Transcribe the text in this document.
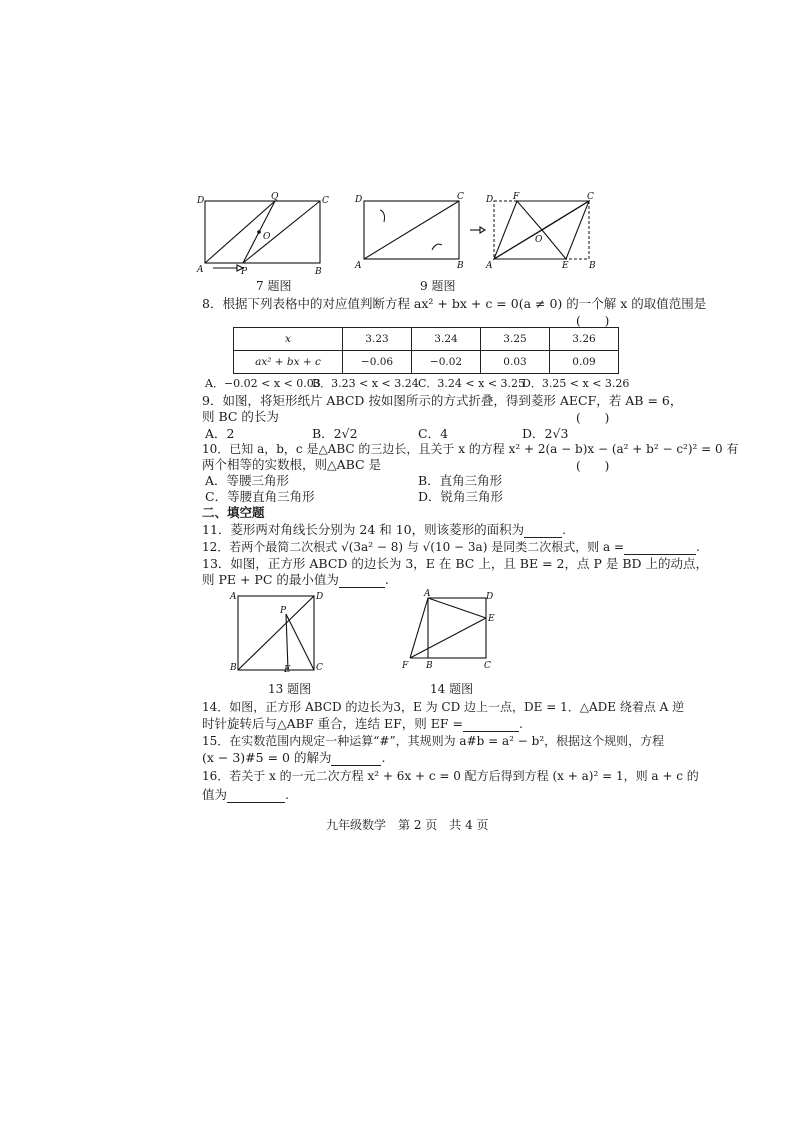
D	Q	C
O
A	P	B
7 题图
D	C
A	B
D F	C
O
A	E B
9 题图
8．根据下列表格中的对应值判断方程 ax² + bx + c = 0(a ≠ 0) 的一个解 x 的取值范围是
(　　)
x	3.23	3.24	3.25	3.26
ax² + bx + c	−0.06	−0.02	0.03	0.09
A．−0.02 < x < 0.03
B．3.23 < x < 3.24 C．3.24 < x < 3.25
D．3.25 < x < 3.26
9．如图，将矩形纸片 ABCD 按如图所示的方式折叠，得到菱形 AECF，若 AB = 6，
则 BC 的长为	(　　)
A．2	B．2√2	C．4	D．2√3
10．已知 a，b，c 是△ABC 的三边长，且关于 x 的方程 x² + 2(a − b)x − (a² + b² − c²)² = 0 有
两个相等的实数根，则△ABC 是	(　　)
A．等腰三角形	B．直角三角形
C．等腰直角三角形	D．锐角三角形
二、填空题
11．菱形两对角线长分别为 24 和 10，则该菱形的面积为	.
12．若两个最简二次根式 √(3a² − 8) 与 √(10 − 3a) 是同类二次根式，则 a =	.
13．如图，正方形 ABCD 的边长为 3，E 在 BC 上，且 BE = 2，点 P 是 BD 上的动点，
则 PE + PC 的最小值为	.
A	D
P
B	E	C
13 题图
A	D
E
F B	C
14 题图
14．如图，正方形 ABCD 的边长为3，E 为 CD 边上一点，DE = 1．△ADE 绕着点 A 逆
时针旋转后与△ABF 重合，连结 EF，则 EF =	.
15．在实数范围内规定一种运算“#”，其规则为 a#b = a² − b²，根据这个规则，方程
(x − 3)#5 = 0 的解为	.
16．若关于 x 的一元二次方程 x² + 6x + c = 0 配方后得到方程 (x + a)² = 1，则 a + c 的
值为	.
九年级数学　第 2 页　共 4 页
